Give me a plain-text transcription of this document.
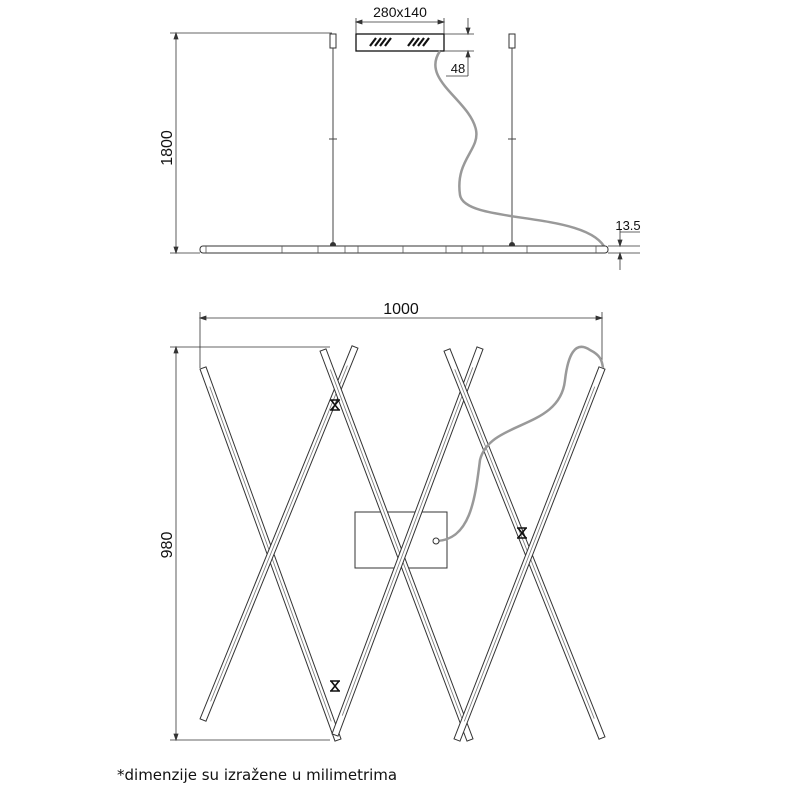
280x140
48
1800
13.5
1000
980
*dimenzije su izražene u milimetrima
